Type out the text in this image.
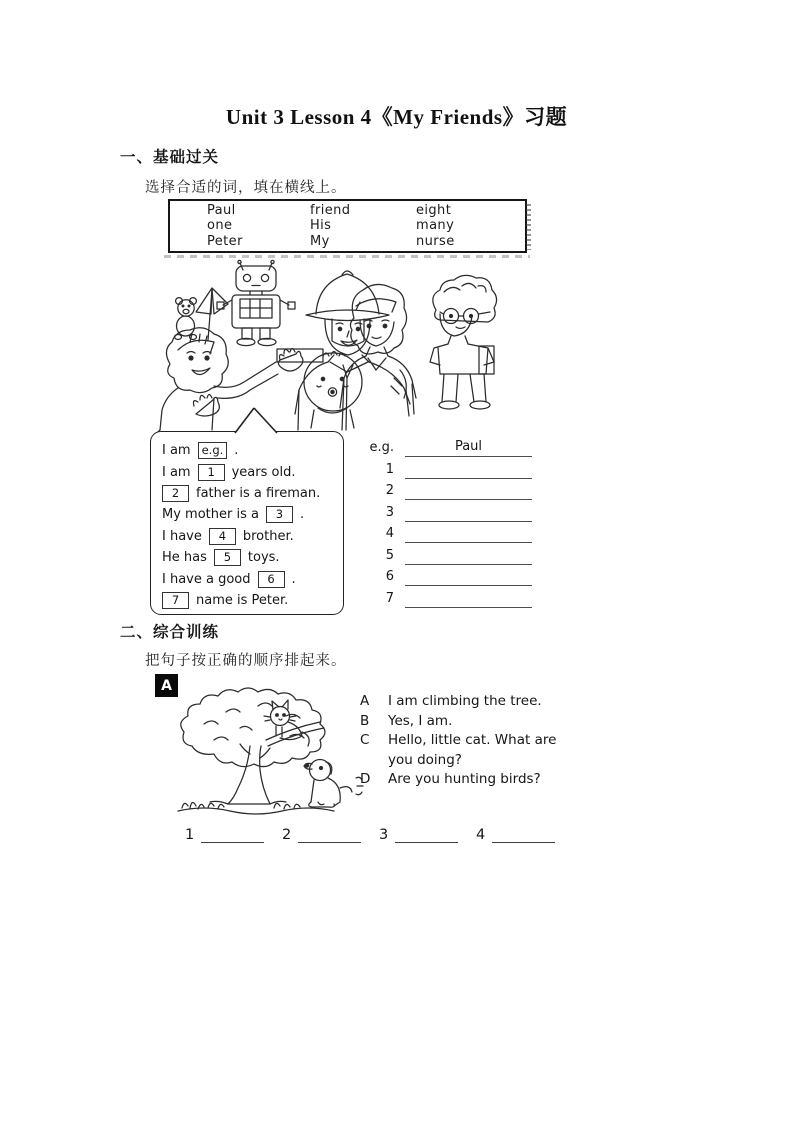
Unit 3 Lesson 4《My Friends》习题
一、基础过关
选择合适的词，填在横线上。
Paul	friend	eight
one	His	many
Peter	My	nurse
I am e.g. .
I am	1	years old.
2	father is a fireman.
My mother is a	3	.
I have	4	brother.
He has	5	toys.
I have a good	6	.
7	name is Peter.
e.g.	Paul
1
2
3
4
5
6
7
二、综合训练
把句子按正确的顺序排起来。
A
A	I am climbing the tree.
B	Yes, I am.
C	Hello, little cat. What are you doing?
D Are you hunting birds?
1	2	3	4
